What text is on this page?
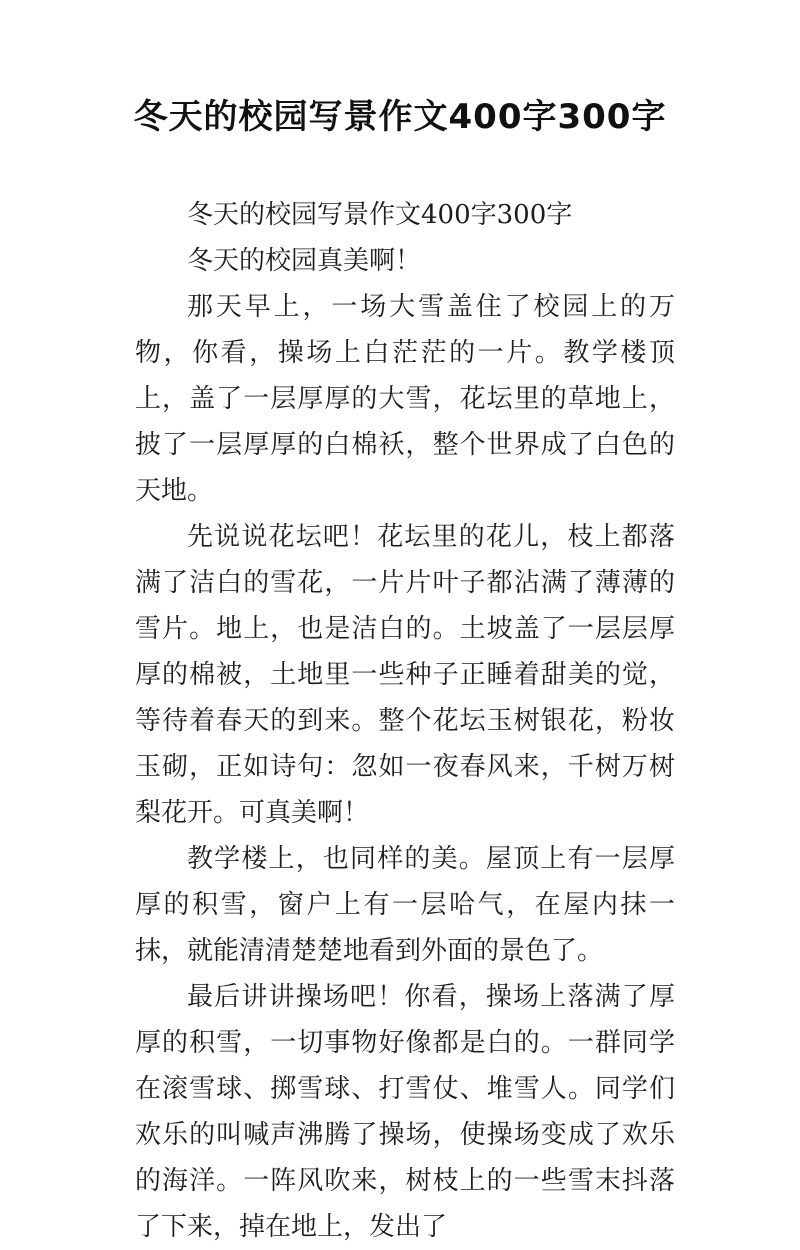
冬天的校园写景作文400字300字

冬天的校园写景作文400字300字

冬天的校园真美啊！

那天早上，一场大雪盖住了校园上的万物，你看，操场上白茫茫的一片。教学楼顶上，盖了一层厚厚的大雪，花坛里的草地上，披了一层厚厚的白棉袄，整个世界成了白色的天地。

先说说花坛吧！花坛里的花儿，枝上都落满了洁白的雪花，一片片叶子都沾满了薄薄的雪片。地上，也是洁白的。土坡盖了一层层厚厚的棉被，土地里一些种子正睡着甜美的觉，等待着春天的到来。整个花坛玉树银花，粉妆玉砌，正如诗句：忽如一夜春风来，千树万树梨花开。可真美啊！

教学楼上，也同样的美。屋顶上有一层厚厚的积雪，窗户上有一层哈气，在屋内抹一抹，就能清清楚楚地看到外面的景色了。

最后讲讲操场吧！你看，操场上落满了厚厚的积雪，一切事物好像都是白的。一群同学在滚雪球、掷雪球、打雪仗、堆雪人。同学们欢乐的叫喊声沸腾了操场，使操场变成了欢乐的海洋。一阵风吹来，树枝上的一些雪末抖落了下来，掉在地上，发出了
